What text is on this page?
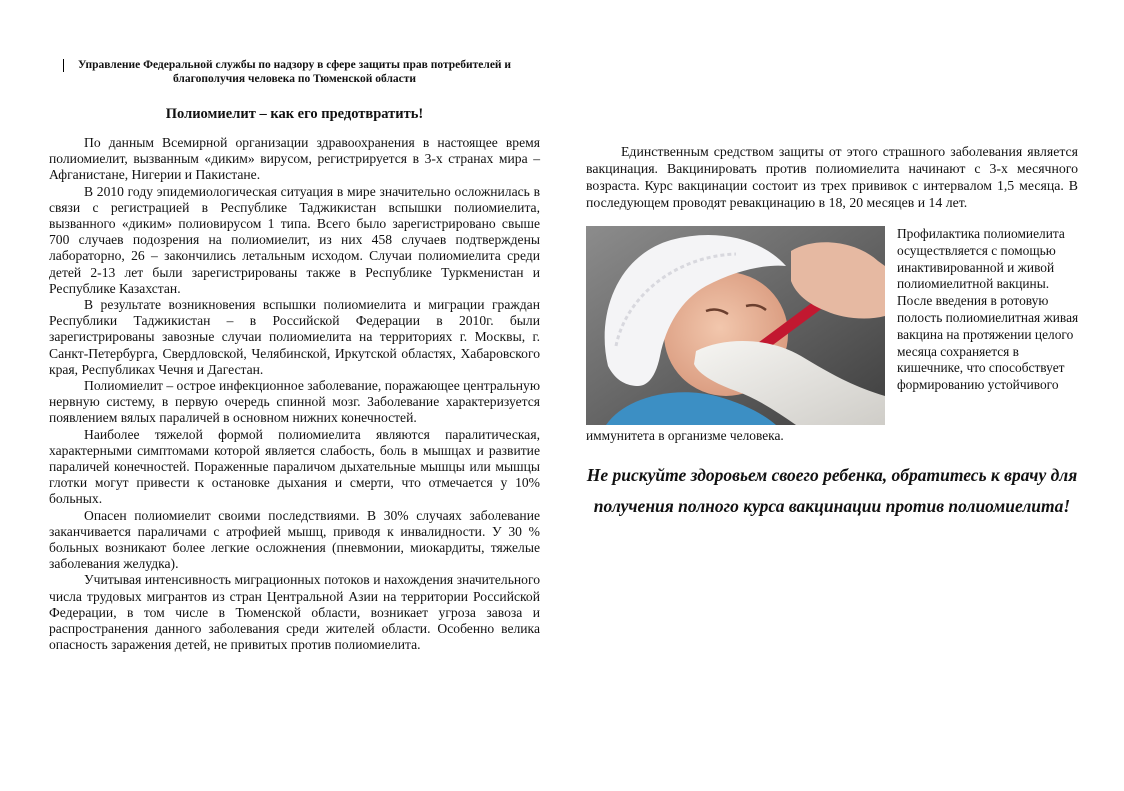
Управление Федеральной службы по надзору в сфере защиты прав потребителей и благополучия человека по Тюменской области
Полиомиелит – как его предотвратить!

По данным Всемирной организации здравоохранения в настоящее время полиомиелит, вызванным «диким» вирусом, регистрируется в 3-х странах мира – Афганистане, Нигерии и Пакистане.

В 2010 году эпидемиологическая ситуация в мире значительно осложнилась в связи с регистрацией в Республике Таджикистан вспышки полиомиелита, вызванного «диким» полиовирусом 1 типа. Всего было зарегистрировано свыше 700 случаев подозрения на полиомиелит, из них 458 случаев подтверждены лабораторно, 26 – закончились летальным исходом. Случаи полиомиелита среди детей 2-13 лет были зарегистрированы также в Республике Туркменистан и Республике Казахстан.

В результате возникновения вспышки полиомиелита и миграции граждан Республики Таджикистан – в Российской Федерации в 2010г. были зарегистрированы завозные случаи полиомиелита на территориях г. Москвы, г. Санкт-Петербурга, Свердловской, Челябинской, Иркутской областях, Хабаровского края, Республиках Чечня и Дагестан.

Полиомиелит – острое инфекционное заболевание, поражающее центральную нервную систему, в первую очередь спинной мозг. Заболевание характеризуется появлением вялых параличей в основном нижних конечностей.

Наиболее тяжелой формой полиомиелита являются паралитическая, характерными симптомами которой является слабость, боль в мышцах и развитие параличей конечностей. Пораженные параличом дыхательные мышцы или мышцы глотки могут привести к остановке дыхания и смерти, что отмечается у 10% больных.

Опасен полиомиелит своими последствиями. В 30% случаях заболевание заканчивается параличами с атрофией мышц, приводя к инвалидности. У 30 % больных возникают более легкие осложнения (пневмонии, миокардиты, тяжелые заболевания желудка).

Учитывая интенсивность миграционных потоков и нахождения значительного числа трудовых мигрантов из стран Центральной Азии на территории Российской Федерации, в том числе в Тюменской области, возникает угроза завоза и распространения данного заболевания среди жителей области. Особенно велика опасность заражения детей, не привитых против полиомиелита.

Единственным средством защиты от этого страшного заболевания является вакцинация. Вакцинировать против полиомиелита начинают с 3-х месячного возраста. Курс вакцинации состоит из трех прививок с интервалом 1,5 месяца. В последующем проводят ревакцинацию в 18, 20 месяцев и 14 лет.

Профилактика полиомиелита осуществляется с помощью инактивированной и живой полиомиелитной вакцины. После введения в ротовую полость полиомиелитная живая вакцина на протяжении целого месяца сохраняется в кишечнике, что способствует формированию устойчивого

иммунитета в организме человека.

Не рискуйте здоровьем своего ребенка, обратитесь к врачу для получения полного курса вакцинации против полиомиелита!
